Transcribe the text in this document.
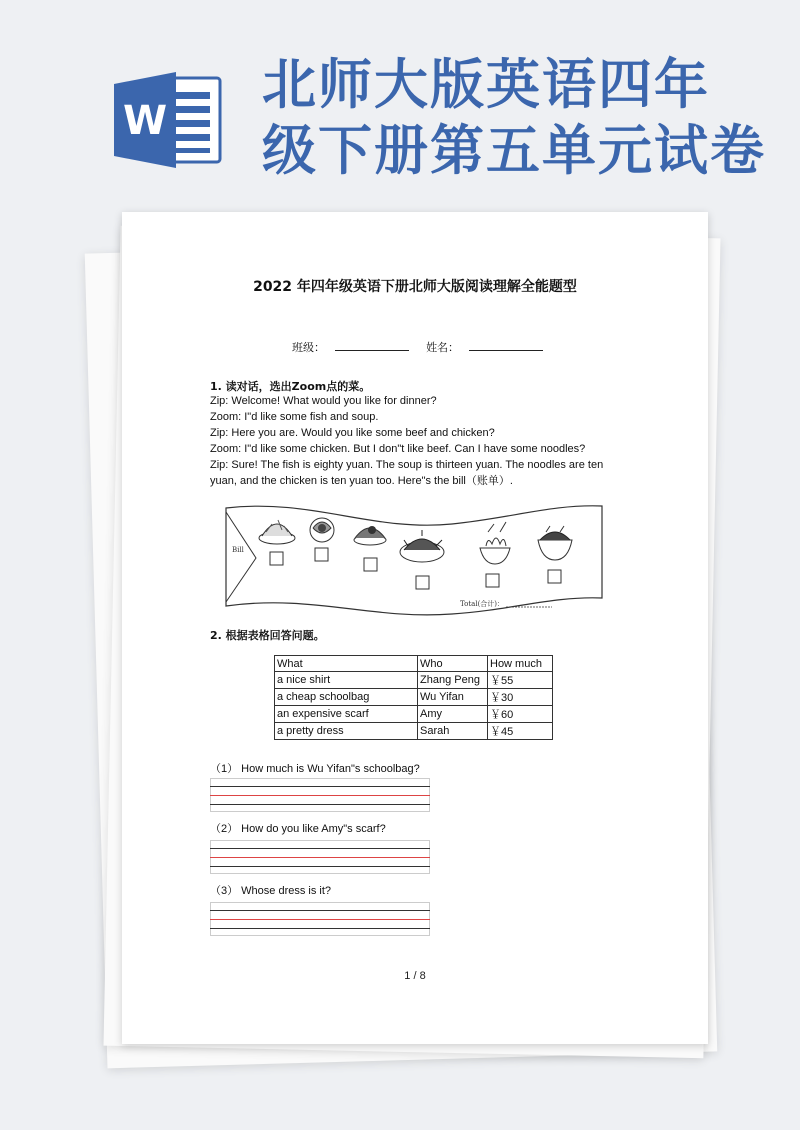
W
北师大版英语四年
级下册第五单元试卷
2022 年四年级英语下册北师大版阅读理解全能题型
班级：	姓名：
1. 读对话，选出Zoom点的菜。
Zip: Welcome! What would you like for dinner?
Zoom: I"d like some fish and soup.
Zip: Here you are. Would you like some beef and chicken?
Zoom: I"d like some chicken. But I don"t like beef. Can I have some noodles?
Zip: Sure! The fish is eighty yuan. The soup is thirteen yuan. The noodles are ten
yuan, and the chicken is ten yuan too. Here"s the bill（账单）.
Bill
Total(合计)：
2. 根据表格回答问题。
What	Who	How much
a nice shirt	Zhang Peng	￥55
a cheap schoolbag	Wu Yifan	￥30
an expensive scarf	Amy	￥60
a pretty dress	Sarah	￥45
（1） How much is Wu Yifan"s schoolbag?
（2） How do you like Amy"s scarf?
（3） Whose dress is it?
1 / 8
